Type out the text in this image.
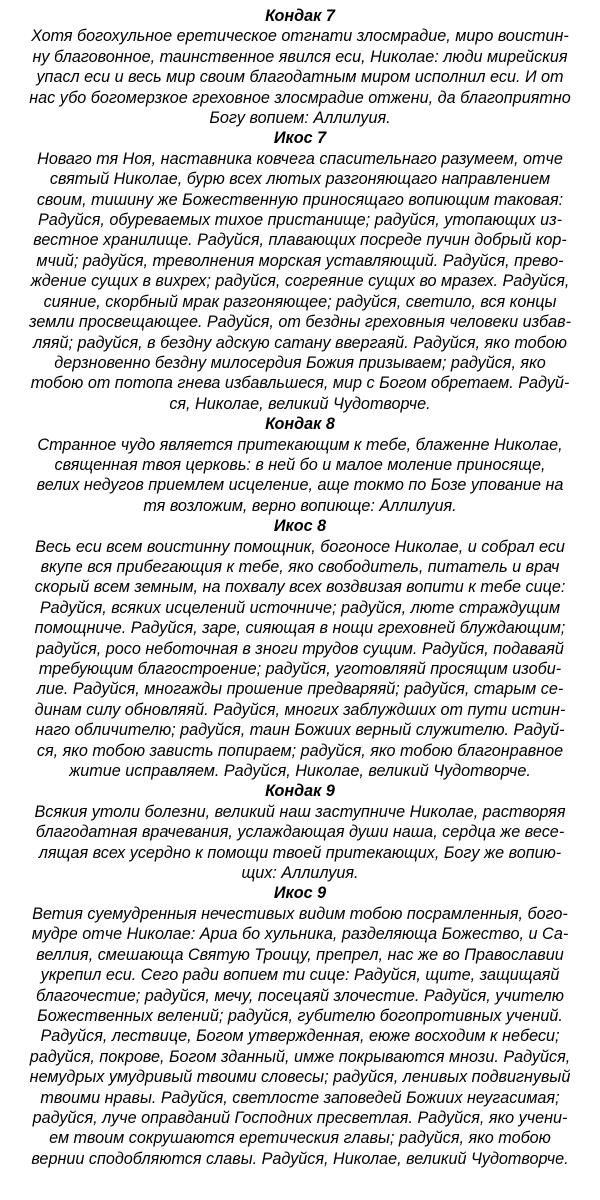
Кондак 7

Хотя богохульное еретическое отгнати злосмрадие, миро воистин-
ну благовонное, таинственное явился еси, Николае: люди мирейския
упасл еси и весь мир своим благодатным миром исполнил еси. И от
нас убо богомерзкое греховное злосмрадие отжени, да благоприятно
Богу вопием: Аллилуия.

Икос 7

Новаго тя Ноя, наставника ковчега спасительнаго разумеем, отче
святый Николае, бурю всех лютых разгоняющаго направлением
своим, тишину же Божественную приносящаго вопиющим таковая:
Радуйся, обуреваемых тихое пристанище; радуйся, утопающих из-
вестное хранилище. Радуйся, плавающих посреде пучин добрый кор-
мчий; радуйся, треволнения морская уставляющий. Радуйся, прево-
ждение сущих в вихрех; радуйся, согреяние сущих во мразех. Радуйся,
сияние, скорбный мрак разгоняющее; радуйся, светило, вся концы
земли просвещающее. Радуйся, от бездны греховныя человеки избав-
ляяй; радуйся, в бездну адскую сатану ввергаяй. Радуйся, яко тобою
дерзновенно бездну милосердия Божия призываем; радуйся, яко
тобою от потопа гнева избавльшеся, мир с Богом обретаем. Радуй-
ся, Николае, великий Чудотворче.

Кондак 8

Странное чудо является притекающим к тебе, блаженне Николае,
священная твоя церковь: в ней бо и малое моление приносяще,
велих недугов приемлем исцеление, аще токмо по Бозе упование на
тя возложим, верно вопиюще: Аллилуия.

Икос 8

Весь еси всем воистинну помощник, богоносе Николае, и собрал еси
вкупе вся прибегающия к тебе, яко свободитель, питатель и врач
скорый всем земным, на похвалу всех воздвизая вопити к тебе сице:
Радуйся, всяких исцелений источниче; радуйся, люте страждущим
помощниче. Радуйся, заре, сияющая в нощи греховней блуждающим;
радуйся, росо неботочная в зноги трудов сущим. Радуйся, подаваяй
требующим благостроение; радуйся, уготовляяй просящим изоби-
лие. Радуйся, многажды прошение предваряяй; радуйся, старым се-
динам силу обновляяй. Радуйся, многих заблуждших от пути истин-
наго обличителю; радуйся, таин Божиих верный служителю. Радуй-
ся, яко тобою зависть попираем; радуйся, яко тобою благонравное
житие исправляем. Радуйся, Николае, великий Чудотворче.

Кондак 9

Всякия утоли болезни, великий наш заступниче Николае, растворяя
благодатная врачевания, услаждающая души наша, сердца же весе-
лящая всех усердно к помощи твоей притекающих, Богу же вопию-
щих: Аллилуия.

Икос 9

Ветия суемудренныя нечестивых видим тобою посрамленныя, бого-
мудре отче Николае: Ариа бо хульника, разделяюща Божество, и Са-
веллия, смешающа Святую Троицу, препрел, нас же во Православии
укрепил еси. Сего ради вопием ти сице: Радуйся, щите, защищаяй
благочестие; радуйся, мечу, посецаяй злочестие. Радуйся, учителю
Божественных велений; радуйся, губителю богопротивных учений.
Радуйся, лествице, Богом утвержденная, еюже восходим к небеси;
радуйся, покрове, Богом зданный, имже покрываются мнози. Радуйся,
немудрых умудривый твоими словесы; радуйся, ленивых подвигнувый
твоими нравы. Радуйся, светлосте заповедей Божиих неугасимая;
радуйся, луче оправданий Господних пресветлая. Радуйся, яко учени-
ем твоим сокрушаются еретическия главы; радуйся, яко тобою
вернии сподобляются славы. Радуйся, Николае, великий Чудотворче.
